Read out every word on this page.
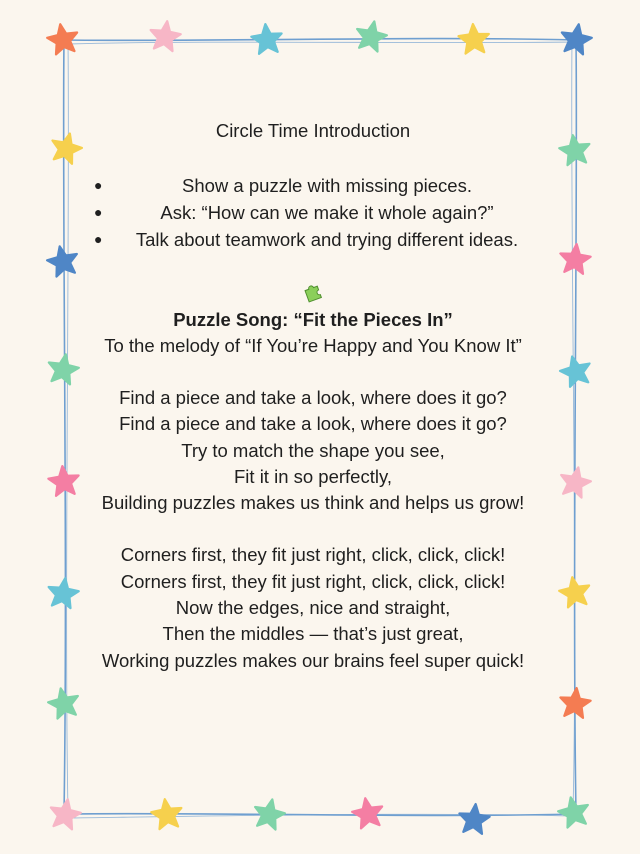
Circle Time Introduction
●	Show a puzzle with missing pieces.
●	Ask: “How can we make it whole again?”
● Talk about teamwork and trying different ideas.

Puzzle Song: “Fit the Pieces In”

To the melody of “If You’re Happy and You Know It”

Find a piece and take a look, where does it go?

Find a piece and take a look, where does it go?

Try to match the shape you see,

Fit it in so perfectly,

Building puzzles makes us think and helps us grow!

Corners first, they fit just right, click, click, click!

Corners first, they fit just right, click, click, click!

Now the edges, nice and straight,

Then the middles — that’s just great,

Working puzzles makes our brains feel super quick!
